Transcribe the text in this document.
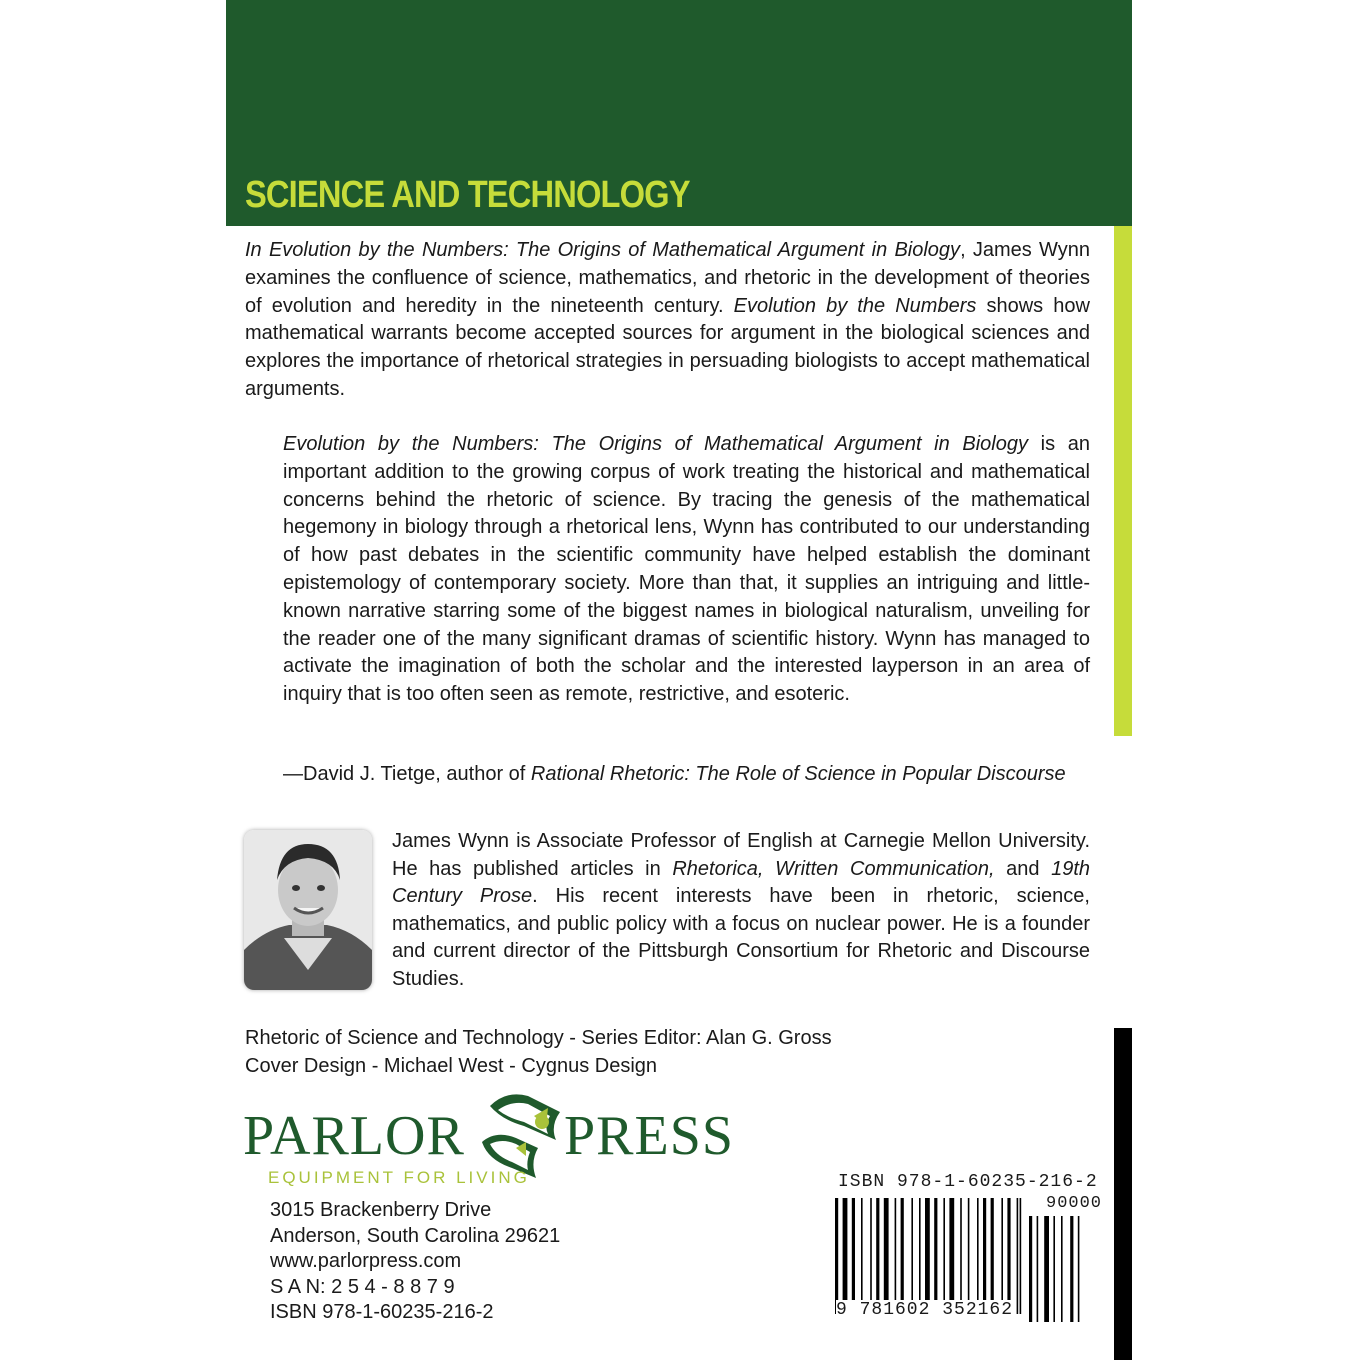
SCIENCE AND TECHNOLOGY
In Evolution by the Numbers: The Origins of Mathematical Argument in Biology, James Wynn examines the confluence of science, mathematics, and rhetoric in the development of theories of evolution and heredity in the nineteenth century. Evolution by the Numbers shows how mathematical warrants become accepted sources for argument in the biological sciences and explores the importance of rhetorical strategies in persuading biologists to accept mathematical arguments.
Evolution by the Numbers: The Origins of Mathematical Argument in Biology is an important addition to the growing corpus of work treating the historical and mathematical concerns behind the rhetoric of science. By tracing the genesis of the mathematical hegemony in biology through a rhetorical lens, Wynn has contributed to our understanding of how past debates in the scientific community have helped establish the dominant epistemology of contemporary society. More than that, it supplies an intriguing and little-known narrative starring some of the biggest names in biological naturalism, unveiling for the reader one of the many significant dramas of scientific history. Wynn has managed to activate the imagination of both the scholar and the interested layperson in an area of inquiry that is too often seen as remote, restrictive, and esoteric.
—David J. Tietge, author of Rational Rhetoric: The Role of Science in Popular Discourse
James Wynn is Associate Professor of English at Carnegie Mellon University. He has published articles in Rhetorica, Written Communication, and 19th Century Prose. His recent interests have been in rhetoric, science, mathematics, and public policy with a focus on nuclear power. He is a founder and current director of the Pittsburgh Consortium for Rhetoric and Discourse Studies.
Rhetoric of Science and Technology - Series Editor: Alan G. Gross
Cover Design - Michael West - Cygnus Design
PARLOR PRESS
EQUIPMENT FOR LIVING
3015 Brackenberry Drive
Anderson, South Carolina 29621
www.parlorpress.com
S A N: 2 5 4 - 8 8 7 9
ISBN 978-1-60235-216-2
ISBN 978-1-60235-216-2
90000
9 781602 352162
